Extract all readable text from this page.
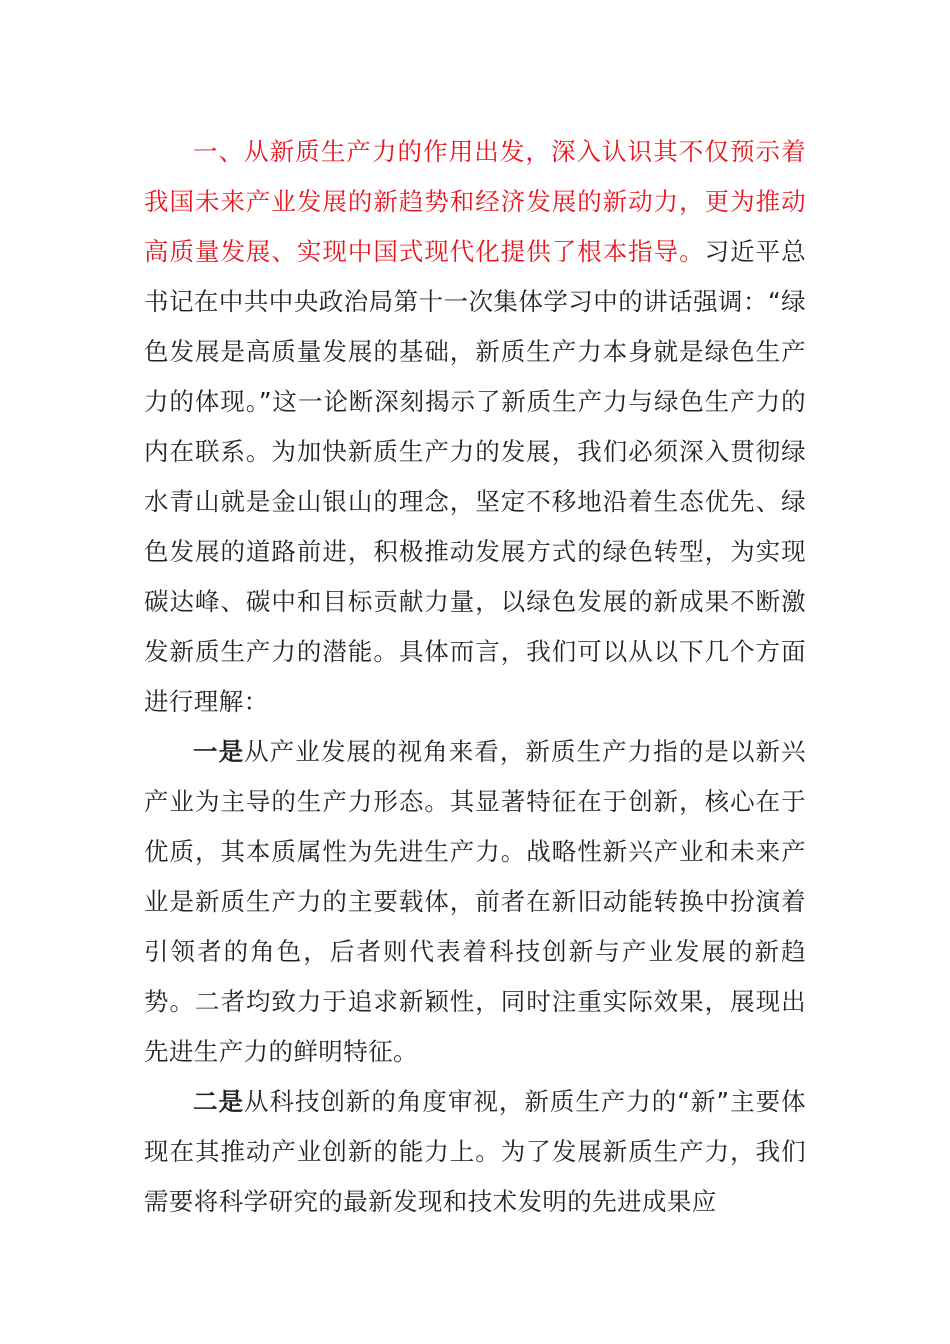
一、从新质生产力的作用出发，深入认识其不仅预示着我国未来产业发展的新趋势和经济发展的新动力，更为推动高质量发展、实现中国式现代化提供了根本指导。习近平总书记在中共中央政治局第十一次集体学习中的讲话强调：“绿色发展是高质量发展的基础，新质生产力本身就是绿色生产力的体现。”这一论断深刻揭示了新质生产力与绿色生产力的内在联系。为加快新质生产力的发展，我们必须深入贯彻绿水青山就是金山银山的理念，坚定不移地沿着生态优先、绿色发展的道路前进，积极推动发展方式的绿色转型，为实现碳达峰、碳中和目标贡献力量，以绿色发展的新成果不断激发新质生产力的潜能。具体而言，我们可以从以下几个方面进行理解：

一是从产业发展的视角来看，新质生产力指的是以新兴产业为主导的生产力形态。其显著特征在于创新，核心在于优质，其本质属性为先进生产力。战略性新兴产业和未来产业是新质生产力的主要载体，前者在新旧动能转换中扮演着引领者的角色，后者则代表着科技创新与产业发展的新趋势。二者均致力于追求新颖性，同时注重实际效果，展现出先进生产力的鲜明特征。

二是从科技创新的角度审视，新质生产力的“新”主要体现在其推动产业创新的能力上。为了发展新质生产力，我们需要将科学研究的最新发现和技术发明的先进成果应
